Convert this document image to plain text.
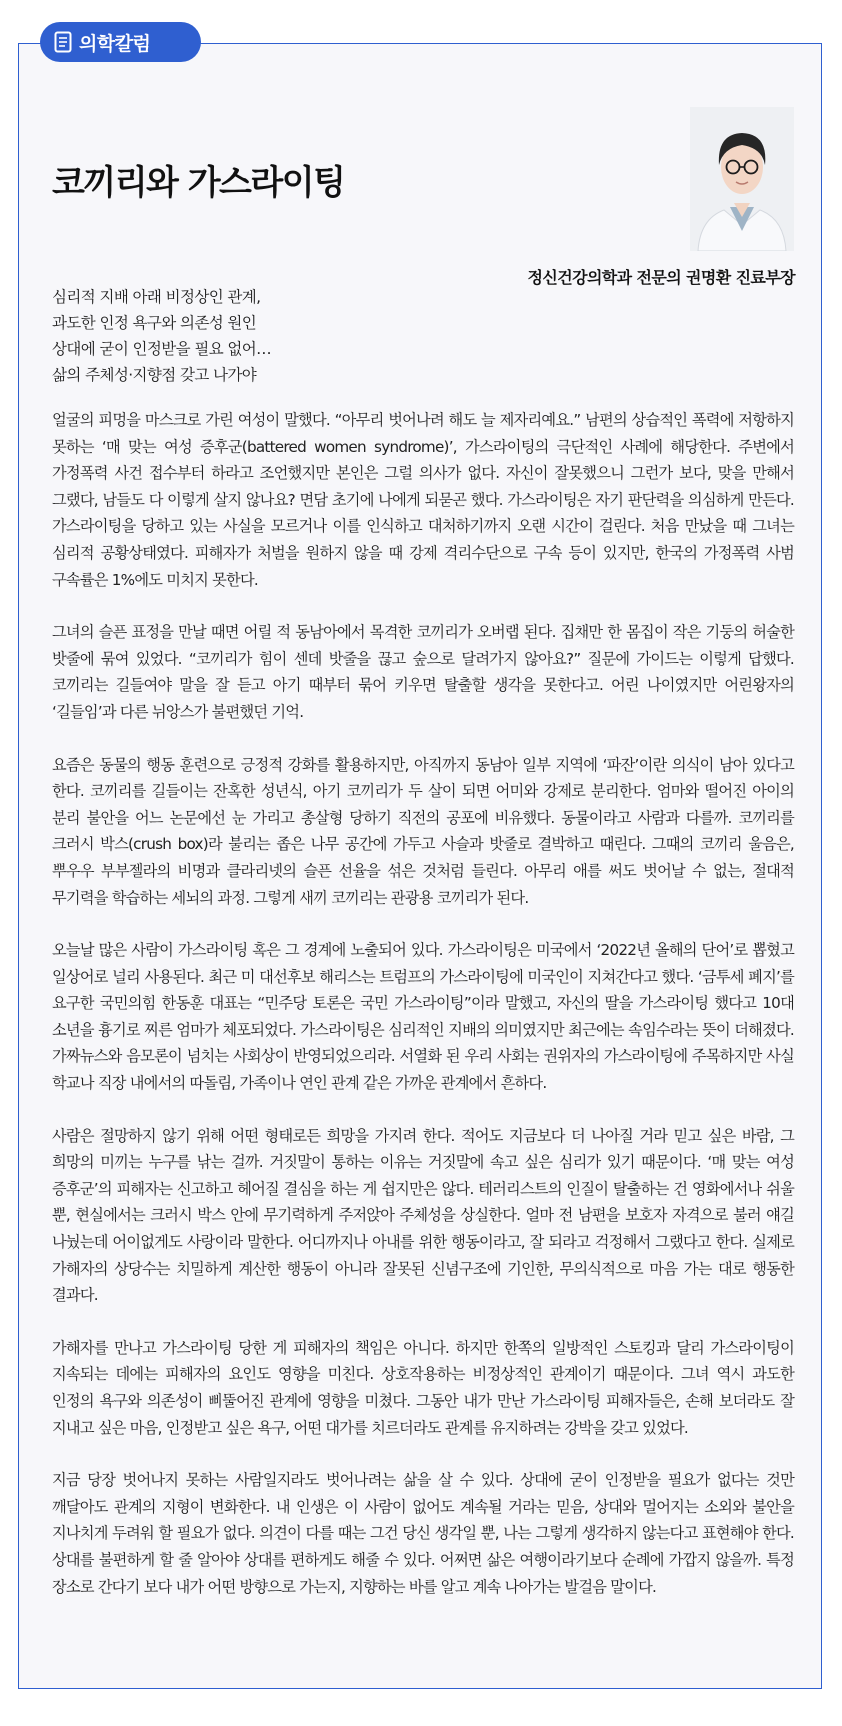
의학칼럼
코끼리와 가스라이팅
정신건강의학과 전문의 권명환 진료부장
심리적 지배 아래 비정상인 관계,
과도한 인정 욕구와 의존성 원인
상대에 굳이 인정받을 필요 없어…
삶의 주체성·지향점 갖고 나가야

얼굴의 피멍을 마스크로 가린 여성이 말했다. “아무리 벗어나려 해도 늘 제자리예요.” 남편의 상습적인 폭력에 저항하지 못하는 ‘매 맞는 여성 증후군(battered women syndrome)’, 가스라이팅의 극단적인 사례에 해당한다. 주변에서 가정폭력 사건 접수부터 하라고 조언했지만 본인은 그럴 의사가 없다. 자신이 잘못했으니 그런가 보다, 맞을 만해서 그랬다, 남들도 다 이렇게 살지 않나요? 면담 초기에 나에게 되묻곤 했다. 가스라이팅은 자기 판단력을 의심하게 만든다. 가스라이팅을 당하고 있는 사실을 모르거나 이를 인식하고 대처하기까지 오랜 시간이 걸린다. 처음 만났을 때 그녀는 심리적 공황상태였다. 피해자가 처벌을 원하지 않을 때 강제 격리수단으로 구속 등이 있지만, 한국의 가정폭력 사범 구속률은 1%에도 미치지 못한다.

그녀의 슬픈 표정을 만날 때면 어릴 적 동남아에서 목격한 코끼리가 오버랩 된다. 집채만 한 몸집이 작은 기둥의 허술한 밧줄에 묶여 있었다. “코끼리가 힘이 센데 밧줄을 끊고 숲으로 달려가지 않아요?” 질문에 가이드는 이렇게 답했다. 코끼리는 길들여야 말을 잘 듣고 아기 때부터 묶어 키우면 탈출할 생각을 못한다고. 어린 나이였지만 어린왕자의 ‘길들임’과 다른 뉘앙스가 불편했던 기억.

요즘은 동물의 행동 훈련으로 긍정적 강화를 활용하지만, 아직까지 동남아 일부 지역에 ‘파잔’이란 의식이 남아 있다고 한다. 코끼리를 길들이는 잔혹한 성년식, 아기 코끼리가 두 살이 되면 어미와 강제로 분리한다. 엄마와 떨어진 아이의 분리 불안을 어느 논문에선 눈 가리고 총살형 당하기 직전의 공포에 비유했다. 동물이라고 사람과 다를까. 코끼리를 크러시 박스(crush box)라 불리는 좁은 나무 공간에 가두고 사슬과 밧줄로 결박하고 때린다. 그때의 코끼리 울음은, 뿌우우 부부젤라의 비명과 클라리넷의 슬픈 선율을 섞은 것처럼 들린다. 아무리 애를 써도 벗어날 수 없는, 절대적 무기력을 학습하는 세뇌의 과정. 그렇게 새끼 코끼리는 관광용 코끼리가 된다.

오늘날 많은 사람이 가스라이팅 혹은 그 경계에 노출되어 있다. 가스라이팅은 미국에서 ‘2022년 올해의 단어’로 뽑혔고 일상어로 널리 사용된다. 최근 미 대선후보 해리스는 트럼프의 가스라이팅에 미국인이 지쳐간다고 했다. ‘금투세 폐지’를 요구한 국민의힘 한동훈 대표는 “민주당 토론은 국민 가스라이팅”이라 말했고, 자신의 딸을 가스라이팅 했다고 10대 소년을 흉기로 찌른 엄마가 체포되었다. 가스라이팅은 심리적인 지배의 의미였지만 최근에는 속임수라는 뜻이 더해졌다. 가짜뉴스와 음모론이 넘치는 사회상이 반영되었으리라. 서열화 된 우리 사회는 권위자의 가스라이팅에 주목하지만 사실 학교나 직장 내에서의 따돌림, 가족이나 연인 관계 같은 가까운 관계에서 흔하다.

사람은 절망하지 않기 위해 어떤 형태로든 희망을 가지려 한다. 적어도 지금보다 더 나아질 거라 믿고 싶은 바람, 그 희망의 미끼는 누구를 낚는 걸까. 거짓말이 통하는 이유는 거짓말에 속고 싶은 심리가 있기 때문이다. ‘매 맞는 여성 증후군’의 피해자는 신고하고 헤어질 결심을 하는 게 쉽지만은 않다. 테러리스트의 인질이 탈출하는 건 영화에서나 쉬울 뿐, 현실에서는 크러시 박스 안에 무기력하게 주저앉아 주체성을 상실한다. 얼마 전 남편을 보호자 자격으로 불러 얘길 나눴는데 어이없게도 사랑이라 말한다. 어디까지나 아내를 위한 행동이라고, 잘 되라고 걱정해서 그랬다고 한다. 실제로 가해자의 상당수는 치밀하게 계산한 행동이 아니라 잘못된 신념구조에 기인한, 무의식적으로 마음 가는 대로 행동한 결과다.

가해자를 만나고 가스라이팅 당한 게 피해자의 책임은 아니다. 하지만 한쪽의 일방적인 스토킹과 달리 가스라이팅이 지속되는 데에는 피해자의 요인도 영향을 미친다. 상호작용하는 비정상적인 관계이기 때문이다. 그녀 역시 과도한 인정의 욕구와 의존성이 삐뚤어진 관계에 영향을 미쳤다. 그동안 내가 만난 가스라이팅 피해자들은, 손해 보더라도 잘 지내고 싶은 마음, 인정받고 싶은 욕구, 어떤 대가를 치르더라도 관계를 유지하려는 강박을 갖고 있었다.

지금 당장 벗어나지 못하는 사람일지라도 벗어나려는 삶을 살 수 있다. 상대에 굳이 인정받을 필요가 없다는 것만 깨달아도 관계의 지형이 변화한다. 내 인생은 이 사람이 없어도 계속될 거라는 믿음, 상대와 멀어지는 소외와 불안을 지나치게 두려워 할 필요가 없다. 의견이 다를 때는 그건 당신 생각일 뿐, 나는 그렇게 생각하지 않는다고 표현해야 한다. 상대를 불편하게 할 줄 알아야 상대를 편하게도 해줄 수 있다. 어쩌면 삶은 여행이라기보다 순례에 가깝지 않을까. 특정 장소로 간다기 보다 내가 어떤 방향으로 가는지, 지향하는 바를 알고 계속 나아가는 발걸음 말이다.
